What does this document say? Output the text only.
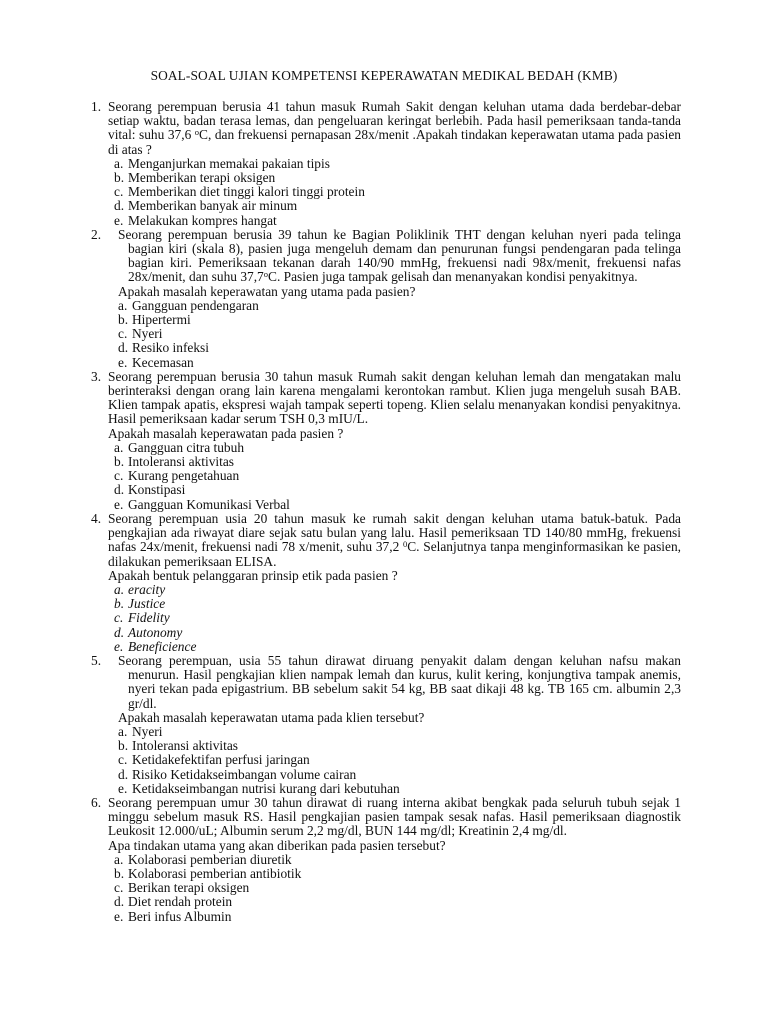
SOAL-SOAL UJIAN KOMPETENSI KEPERAWATAN MEDIKAL BEDAH (KMB)
1. Seorang perempuan berusia 41 tahun masuk Rumah Sakit dengan keluhan utama dada berdebar-debar setiap waktu, badan terasa lemas, dan pengeluaran keringat berlebih. Pada hasil pemeriksaan tanda-tanda vital: suhu 37,6 $^o$C, dan frekuensi pernapasan 28x/menit .Apakah tindakan keperawatan utama pada pasien di atas ?
a. Menganjurkan memakai pakaian tipis
b. Memberikan terapi oksigen
c. Memberikan diet tinggi kalori tinggi protein
d. Memberikan banyak air minum
e. Melakukan kompres hangat
2. Seorang perempuan berusia 39 tahun ke Bagian Poliklinik THT dengan keluhan nyeri pada telinga bagian kiri (skala 8), pasien juga mengeluh demam dan penurunan fungsi pendengaran pada telinga bagian kiri. Pemeriksaan tekanan darah 140/90 mmHg, frekuensi nadi 98x/menit, frekuensi nafas 28x/menit, dan suhu 37,7$^o$C. Pasien juga tampak gelisah dan menanyakan kondisi penyakitnya.
Apakah masalah keperawatan yang utama pada pasien?
a. Gangguan pendengaran
b. Hipertermi
c. Nyeri
d. Resiko infeksi
e. Kecemasan
3. Seorang perempuan berusia 30 tahun masuk Rumah sakit dengan keluhan lemah dan mengatakan malu berinteraksi dengan orang lain karena mengalami kerontokan rambut. Klien juga mengeluh susah BAB. Klien tampak apatis, ekspresi wajah tampak seperti topeng. Klien selalu menanyakan kondisi penyakitnya. Hasil pemeriksaan kadar serum TSH 0,3 mIU/L.
Apakah masalah keperawatan pada pasien ?
a. Gangguan citra tubuh
b. Intoleransi aktivitas
c. Kurang pengetahuan
d. Konstipasi
e. Gangguan Komunikasi Verbal
4. Seorang perempuan usia 20 tahun masuk ke rumah sakit dengan keluhan utama batuk-batuk. Pada pengkajian ada riwayat diare sejak satu bulan yang lalu. Hasil pemeriksaan TD 140/80 mmHg, frekuensi nafas 24x/menit, frekuensi nadi 78 x/menit, suhu 37,2 $^0$C. Selanjutnya tanpa menginformasikan ke pasien, dilakukan pemeriksaan ELISA.
Apakah bentuk pelanggaran prinsip etik pada pasien ?
a. eracity
b. Justice
c. Fidelity
d. Autonomy
e. Beneficience
5. Seorang perempuan, usia 55 tahun dirawat diruang penyakit dalam dengan keluhan nafsu makan menurun. Hasil pengkajian klien nampak lemah dan kurus, kulit kering, konjungtiva tampak anemis, nyeri tekan pada epigastrium. BB sebelum sakit 54 kg, BB saat dikaji 48 kg. TB 165 cm. albumin 2,3 gr/dl.
Apakah masalah keperawatan utama pada klien tersebut?
a. Nyeri
b. Intoleransi aktivitas
c. Ketidakefektifan perfusi jaringan
d. Risiko Ketidakseimbangan volume cairan
e. Ketidakseimbangan nutrisi kurang dari kebutuhan
6. Seorang perempuan umur 30 tahun dirawat di ruang interna akibat bengkak pada seluruh tubuh sejak 1 minggu sebelum masuk RS. Hasil pengkajian pasien tampak sesak nafas. Hasil pemeriksaan diagnostik Leukosit 12.000/uL; Albumin serum 2,2 mg/dl, BUN 144 mg/dl; Kreatinin 2,4 mg/dl.
Apa tindakan utama yang akan diberikan pada pasien tersebut?
a. Kolaborasi pemberian diuretik
b. Kolaborasi pemberian antibiotik
c. Berikan terapi oksigen
d. Diet rendah protein
e. Beri infus Albumin
